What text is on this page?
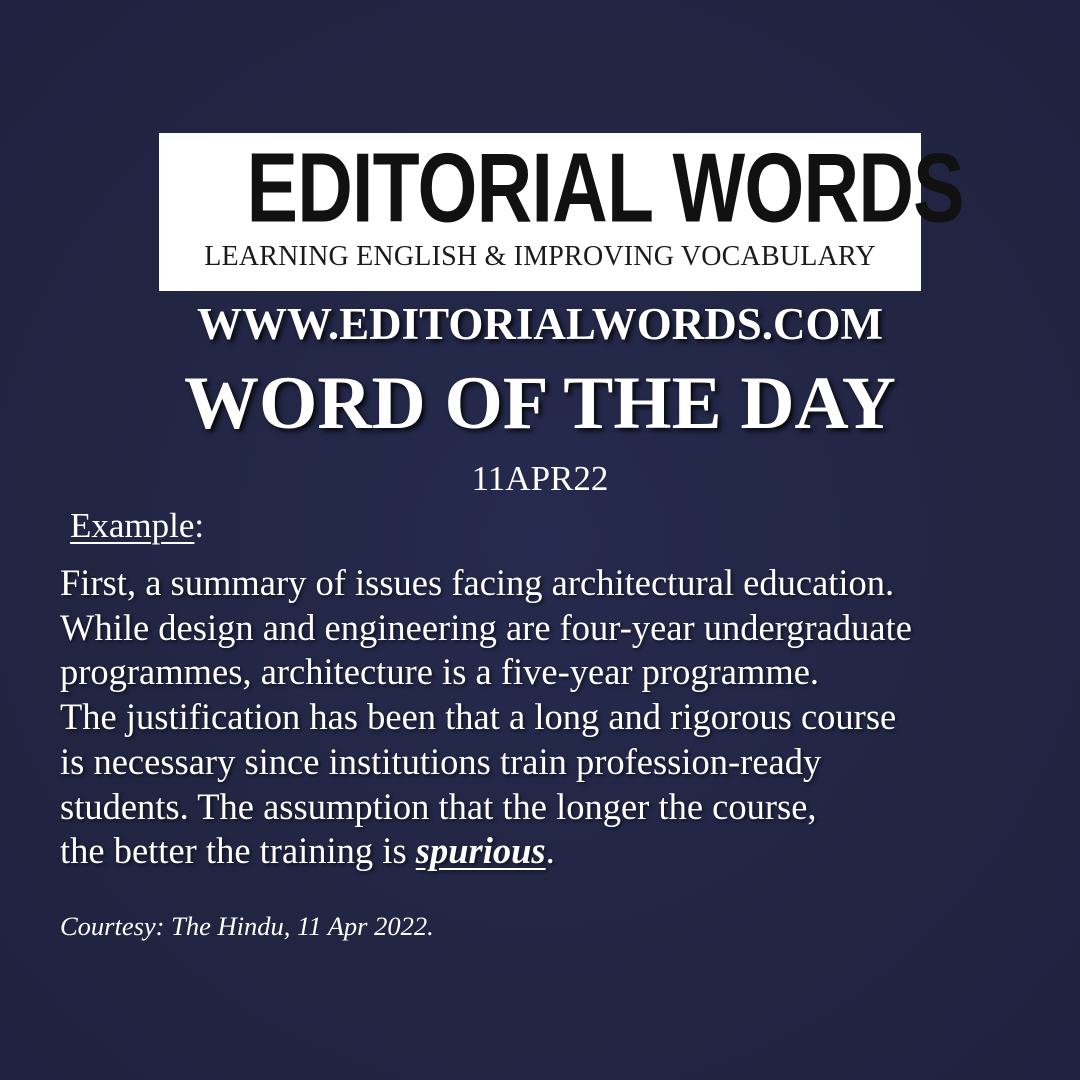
EDITORIAL WORDS
LEARNING ENGLISH & IMPROVING VOCABULARY
WWW.EDITORIALWORDS.COM
WORD OF THE DAY
11APR22
Example:
First, a summary of issues facing architectural education.
While design and engineering are four-year undergraduate
programmes, architecture is a five-year programme.
The justification has been that a long and rigorous course
is necessary since institutions train profession-ready
students. The assumption that the longer the course,
the better the training is spurious.
Courtesy: The Hindu, 11 Apr 2022.
